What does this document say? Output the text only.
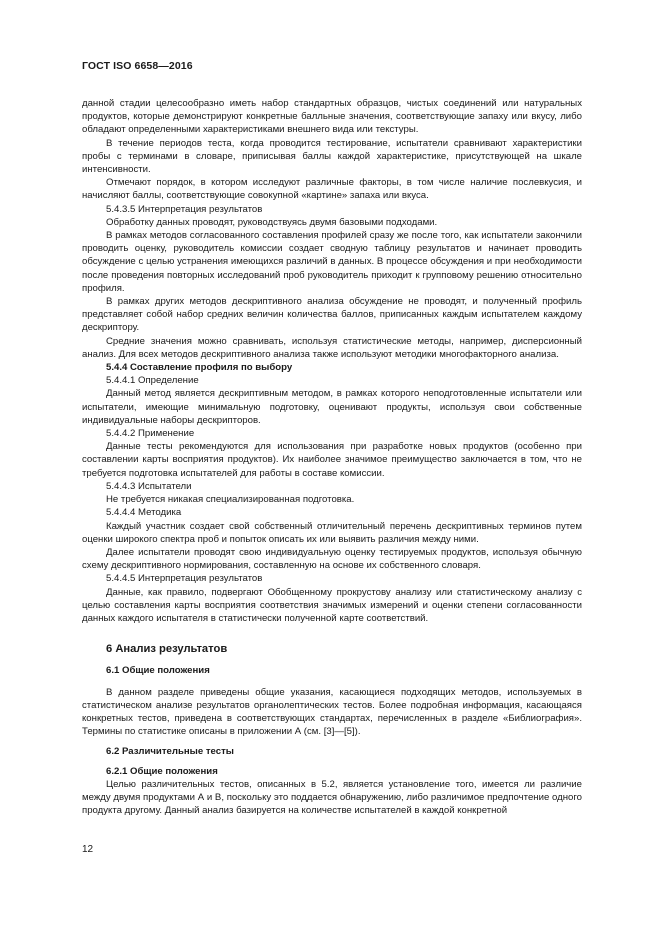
ГОСТ ISO 6658—2016

данной стадии целесообразно иметь набор стандартных образцов, чистых соединений или натуральных продуктов, которые демонстрируют конкретные балльные значения, соответствующие запаху или вкусу, либо обладают определенными характеристиками внешнего вида или текстуры.

В течение периодов теста, когда проводится тестирование, испытатели сравнивают характеристики пробы с терминами в словаре, приписывая баллы каждой характеристике, присутствующей на шкале интенсивности.

Отмечают порядок, в котором исследуют различные факторы, в том числе наличие послевкусия, и начисляют баллы, соответствующие совокупной «картине» запаха или вкуса.

5.4.3.5 Интерпретация результатов

Обработку данных проводят, руководствуясь двумя базовыми подходами.

В рамках методов согласованного составления профилей сразу же после того, как испытатели закончили проводить оценку, руководитель комиссии создает сводную таблицу результатов и начинает проводить обсуждение с целью устранения имеющихся различий в данных. В процессе обсуждения и при необходимости после проведения повторных исследований проб руководитель приходит к групповому решению относительно профиля.

В рамках других методов дескриптивного анализа обсуждение не проводят, и полученный профиль представляет собой набор средних величин количества баллов, приписанных каждым испытателем каждому дескриптору.

Средние значения можно сравнивать, используя статистические методы, например, дисперсионный анализ. Для всех методов дескриптивного анализа также используют методики многофакторного анализа.

5.4.4 Составление профиля по выбору

5.4.4.1 Определение

Данный метод является дескриптивным методом, в рамках которого неподготовленные испытатели или испытатели, имеющие минимальную подготовку, оценивают продукты, используя свои собственные индивидуальные наборы дескрипторов.

5.4.4.2 Применение

Данные тесты рекомендуются для использования при разработке новых продуктов (особенно при составлении карты восприятия продуктов). Их наиболее значимое преимущество заключается в том, что не требуется подготовка испытателей для работы в составе комиссии.

5.4.4.3 Испытатели

Не требуется никакая специализированная подготовка.

5.4.4.4 Методика

Каждый участник создает свой собственный отличительный перечень дескриптивных терминов путем оценки широкого спектра проб и попыток описать их или выявить различия между ними.

Далее испытатели проводят свою индивидуальную оценку тестируемых продуктов, используя обычную схему дескриптивного нормирования, составленную на основе их собственного словаря.

5.4.4.5 Интерпретация результатов

Данные, как правило, подвергают Обобщенному прокрустову анализу или статистическому анализу с целью составления карты восприятия соответствия значимых измерений и оценки степени согласованности данных каждого испытателя в статистически полученной карте соответствий.

6 Анализ результатов

6.1 Общие положения

В данном разделе приведены общие указания, касающиеся подходящих методов, используемых в статистическом анализе результатов органолептических тестов. Более подробная информация, касающаяся конкретных тестов, приведена в соответствующих стандартах, перечисленных в разделе «Библиография». Термины по статистике описаны в приложении А (см. [3]—[5]).

6.2 Различительные тесты

6.2.1 Общие положения

Целью различительных тестов, описанных в 5.2, является установление того, имеется ли различие между двумя продуктами А и В, поскольку это поддается обнаружению, либо различимое предпочтение одного продукта другому. Данный анализ базируется на количестве испытателей в каждой конкретной

12
